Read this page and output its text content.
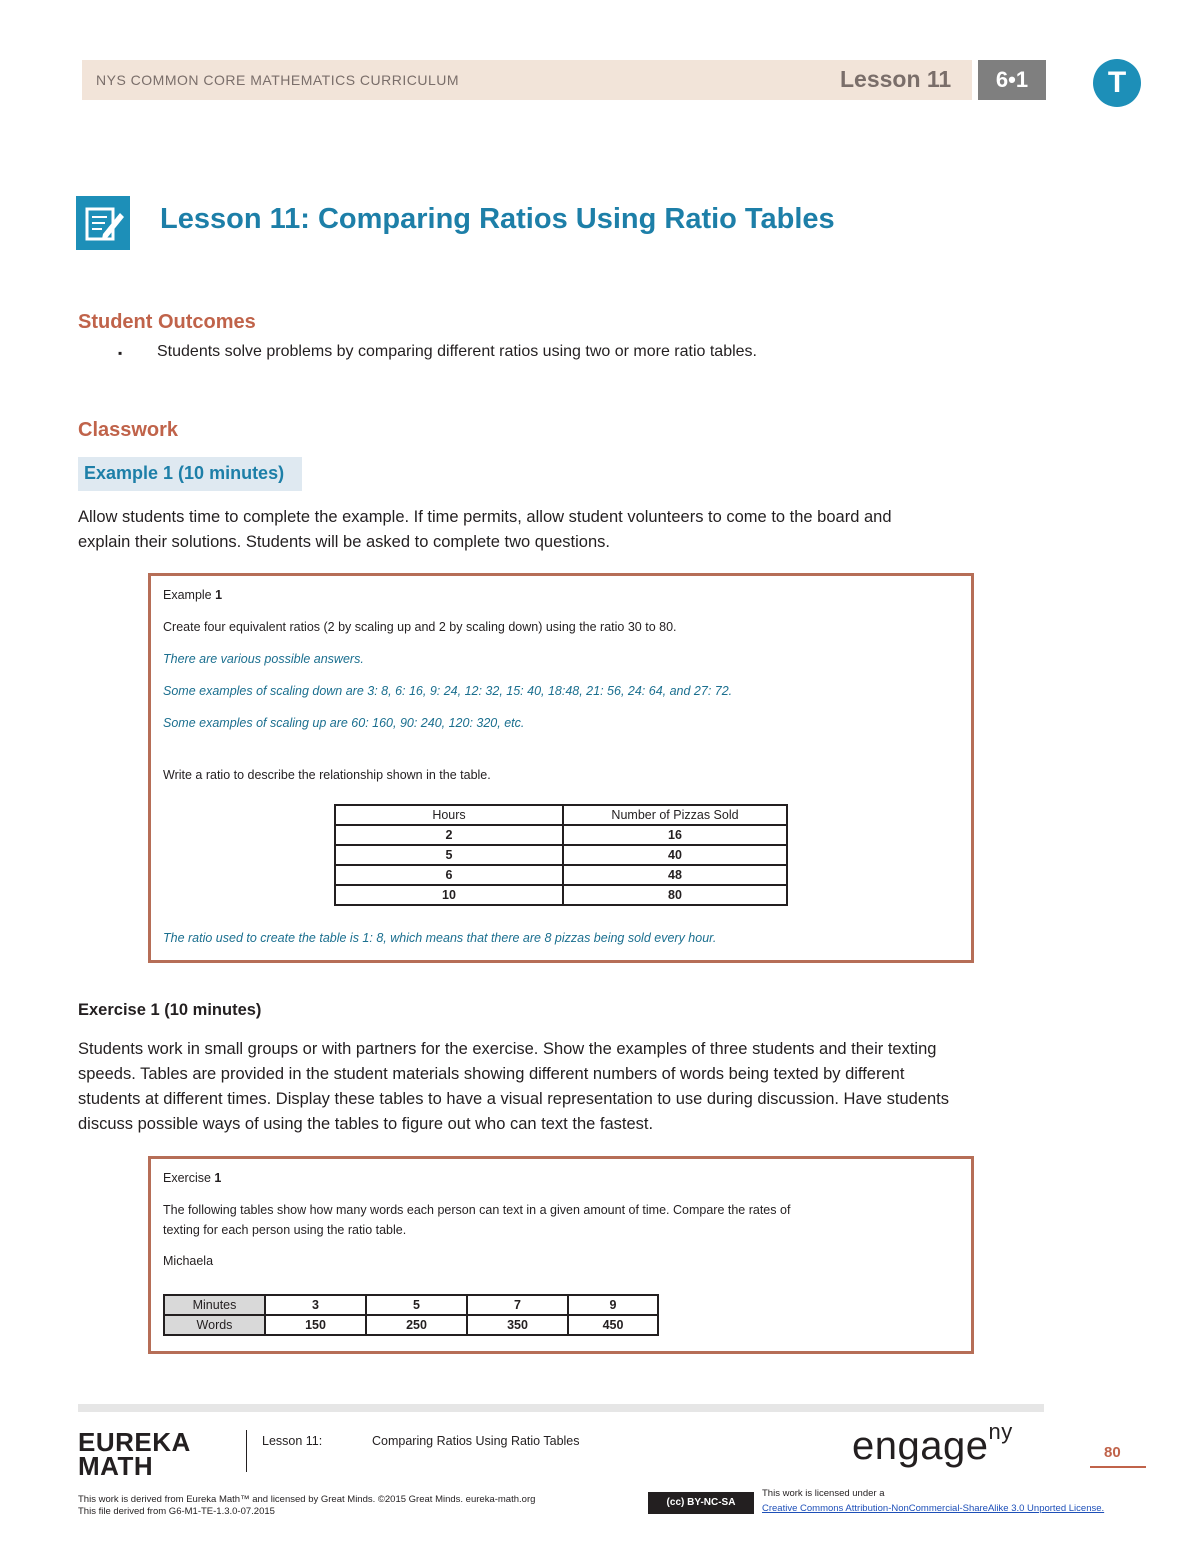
NYS COMMON CORE MATHEMATICS CURRICULUM	Lesson 11	6•1	T
Lesson 11: Comparing Ratios Using Ratio Tables
Student Outcomes
▪ Students solve problems by comparing different ratios using two or more ratio tables.
Classwork
Example 1 (10 minutes)
Allow students time to complete the example. If time permits, allow student volunteers to come to the board and
explain their solutions. Students will be asked to complete two questions.
Example 1
Create four equivalent ratios (2 by scaling up and 2 by scaling down) using the ratio 30 to 80.
There are various possible answers.
Some examples of scaling down are 3: 8, 6: 16, 9: 24, 12: 32, 15: 40, 18:48, 21: 56, 24: 64, and 27: 72.
Some examples of scaling up are 60: 160, 90: 240, 120: 320, etc.
Write a ratio to describe the relationship shown in the table.
Hours	Number of Pizzas Sold
2	16
5	40
6	48
10	80
The ratio used to create the table is 1: 8, which means that there are 8 pizzas being sold every hour.
Exercise 1 (10 minutes)
Students work in small groups or with partners for the exercise. Show the examples of three students and their texting
speeds. Tables are provided in the student materials showing different numbers of words being texted by different
students at different times. Display these tables to have a visual representation to use during discussion. Have students
discuss possible ways of using the tables to figure out who can text the fastest.
Exercise 1
The following tables show how many words each person can text in a given amount of time. Compare the rates of
texting for each person using the ratio table.
Michaela
Minutes	3	5	7	9
Words	150	250	350	450
EUREKA
MATH
Lesson 11:	Comparing Ratios Using Ratio Tables	engage$^{ny}$
80
This work is derived from Eureka Math™ and licensed by Great Minds. ©2015 Great Minds. eureka-math.org
This file derived from G6-M1-TE-1.3.0-07.2015
(cc) BY-NC-SA
This work is licensed under a
Creative Commons Attribution-NonCommercial-ShareAlike 3.0 Unported License.
